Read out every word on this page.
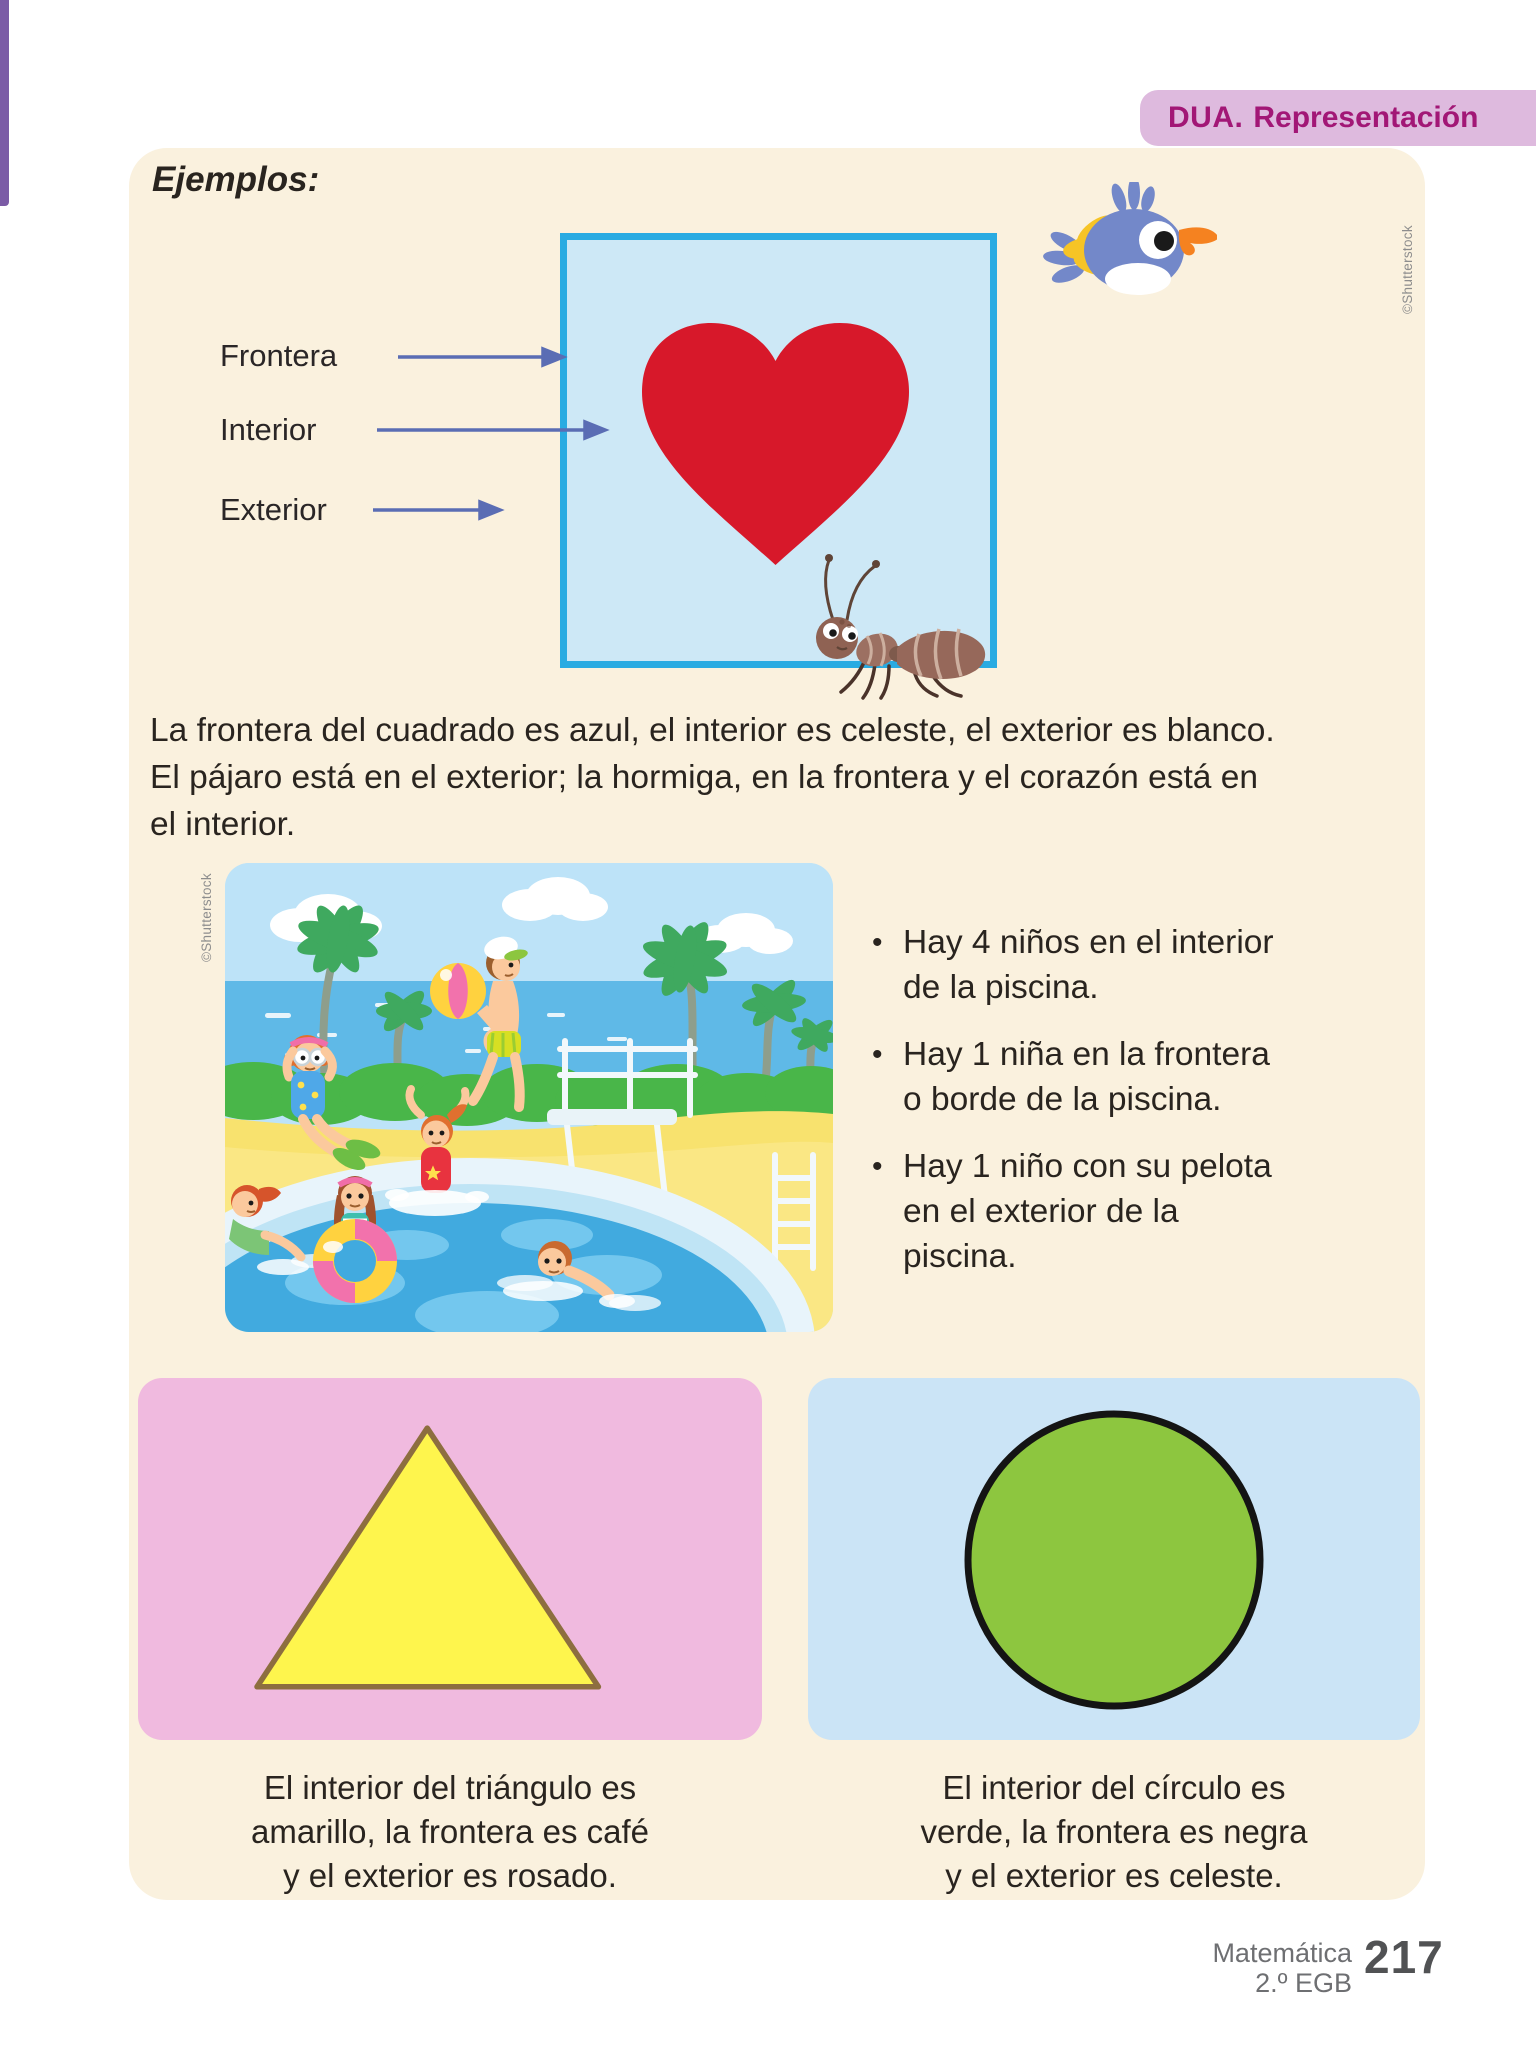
DUA. Representación
Ejemplos:
Frontera
Interior
Exterior
©Shutterstock
La frontera del cuadrado es azul, el interior es celeste, el exterior es blanco.
El pájaro está en el exterior; la hormiga, en la frontera y el corazón está en
el interior.
©Shutterstock	• Hay 4 niños en el interior
de la piscina.
• Hay 1 niña en la frontera
o borde de la piscina.
• Hay 1 niño con su pelota
en el exterior de la
piscina.
El interior del triángulo es
amarillo, la frontera es café
y el exterior es rosado.
El interior del círculo es
verde, la frontera es negra
y el exterior es celeste.
Matemática
2.º EGB 217
